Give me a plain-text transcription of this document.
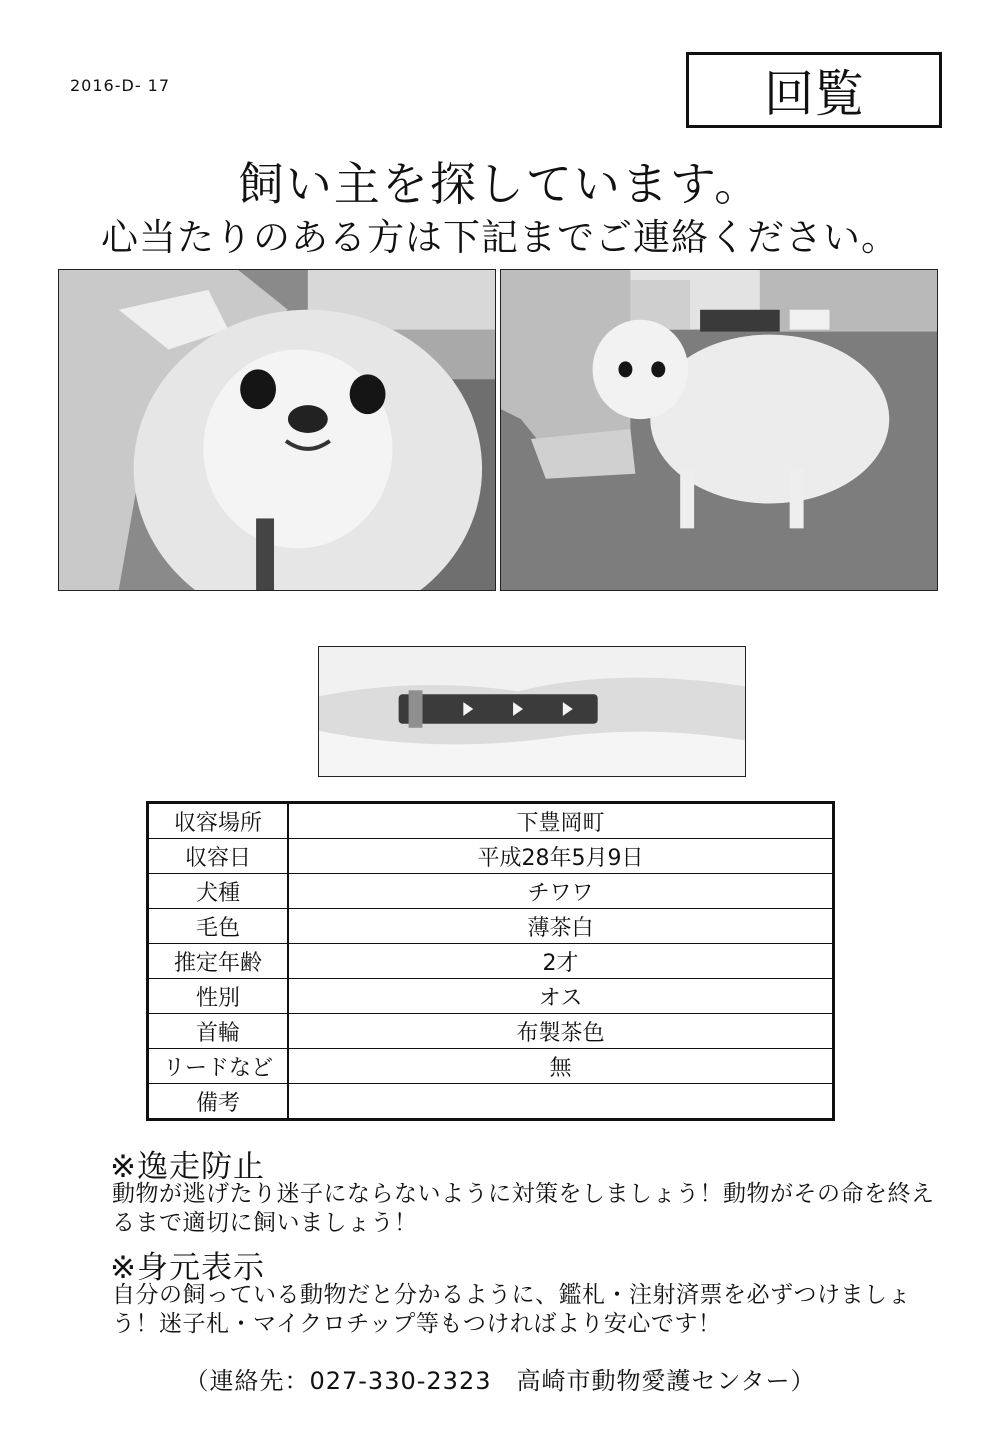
2016-D- 17	回覧
飼い主を探しています。
心当たりのある方は下記までご連絡ください。
収容場所	下豊岡町
収容日	平成28年5月9日
犬種	チワワ
毛色	薄茶白
推定年齢	2才
性別	オス
首輪	布製茶色
リードなど	無
備考	
※逸走防止
動物が逃げたり迷子にならないように対策をしましょう！動物がその命を終えるまで適切に飼いましょう！
※身元表示
自分の飼っている動物だと分かるように、鑑札・注射済票を必ずつけましょう！迷子札・マイクロチップ等もつければより安心です！
（連絡先：027-330-2323　高崎市動物愛護センター）
